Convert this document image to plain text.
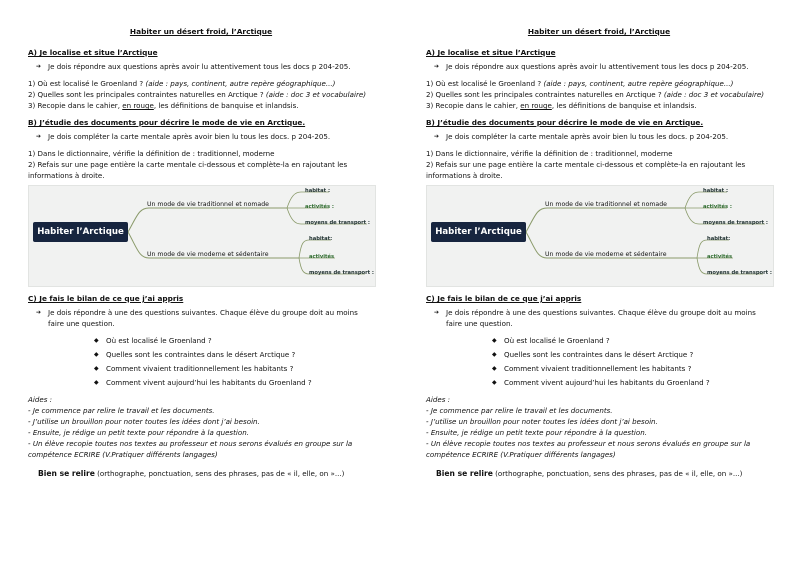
Habiter un désert froid, l’Arctique

A) Je localise et situe l’Arctique

➔ Je dois répondre aux questions après avoir lu attentivement tous les docs p 204-205.

1) Où est localisé le Groenland ? (aide : pays, continent, autre repère géographique...)

2) Quelles sont les principales contraintes naturelles en Arctique ? (aide : doc 3 et vocabulaire)

3) Recopie dans le cahier, en rouge, les définitions de banquise et inlandsis.

B) J’étudie des documents pour décrire le mode de vie en Arctique.

➔ Je dois compléter la carte mentale après avoir bien lu tous les docs. p 204-205.

1) Dans le dictionnaire, vérifie la définition de : traditionnel, moderne

2) Refais sur une page entière la carte mentale ci-dessous et complète-la en rajoutant les informations à droite.

Habiter l’Arctique
Un mode de vie traditionnel et nomade
Un mode de vie moderne et sédentaire
habitat :
activités :
moyens de transport :
habitat:
activités
moyens de transport :

C) Je fais le bilan de ce que j’ai appris

➔ Je dois répondre à une des questions suivantes. Chaque élève du groupe doit au moins faire une question.
◆ Où est localisé le Groenland ?
◆ Quelles sont les contraintes dans le désert Arctique ?
◆ Comment vivaient traditionnellement les habitants ?
◆ Comment vivent aujourd’hui les habitants du Groenland ?

Aides :

- Je commence par relire le travail et les documents.

- J’utilise un brouillon pour noter toutes les idées dont j’ai besoin.

- Ensuite, je rédige un petit texte pour répondre à la question.

- Un élève recopie toutes nos textes au professeur et nous serons évalués en groupe sur la compétence ECRIRE (V.Pratiquer différents langages)

Bien se relire (orthographe, ponctuation, sens des phrases, pas de « il, elle, on »...)

Habiter un désert froid, l’Arctique

A) Je localise et situe l’Arctique

➔ Je dois répondre aux questions après avoir lu attentivement tous les docs p 204-205.

1) Où est localisé le Groenland ? (aide : pays, continent, autre repère géographique...)

2) Quelles sont les principales contraintes naturelles en Arctique ? (aide : doc 3 et vocabulaire)

3) Recopie dans le cahier, en rouge, les définitions de banquise et inlandsis.

B) J’étudie des documents pour décrire le mode de vie en Arctique.

➔ Je dois compléter la carte mentale après avoir bien lu tous les docs. p 204-205.

1) Dans le dictionnaire, vérifie la définition de : traditionnel, moderne

2) Refais sur une page entière la carte mentale ci-dessous et complète-la en rajoutant les informations à droite.

Habiter l’Arctique
Un mode de vie traditionnel et nomade
Un mode de vie moderne et sédentaire
habitat :
activités :
moyens de transport :
habitat:
activités
moyens de transport :

C) Je fais le bilan de ce que j’ai appris

➔ Je dois répondre à une des questions suivantes. Chaque élève du groupe doit au moins faire une question.
◆ Où est localisé le Groenland ?
◆ Quelles sont les contraintes dans le désert Arctique ?
◆ Comment vivaient traditionnellement les habitants ?
◆ Comment vivent aujourd’hui les habitants du Groenland ?

Aides :

- Je commence par relire le travail et les documents.

- J’utilise un brouillon pour noter toutes les idées dont j’ai besoin.

- Ensuite, je rédige un petit texte pour répondre à la question.

- Un élève recopie toutes nos textes au professeur et nous serons évalués en groupe sur la compétence ECRIRE (V.Pratiquer différents langages)

Bien se relire (orthographe, ponctuation, sens des phrases, pas de « il, elle, on »...)
